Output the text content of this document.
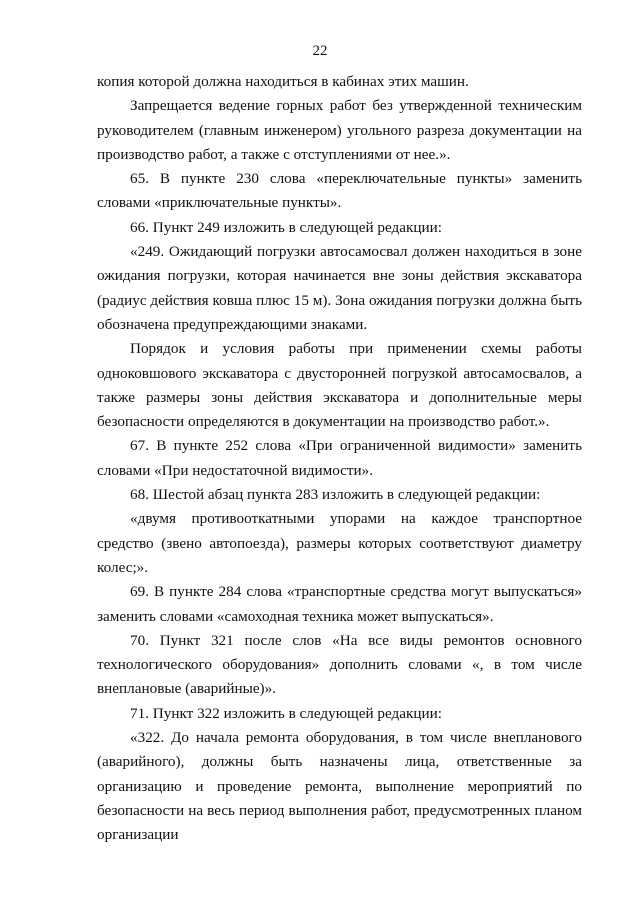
22

копия которой должна находиться в кабинах этих машин.

Запрещается ведение горных работ без утвержденной техническим руководителем (главным инженером) угольного разреза документации на производство работ, а также с отступлениями от нее.».

65. В пункте 230 слова «переключательные пункты» заменить словами «приключательные пункты».

66. Пункт 249 изложить в следующей редакции:

«249. Ожидающий погрузки автосамосвал должен находиться в зоне ожидания погрузки, которая начинается вне зоны действия экскаватора (радиус действия ковша плюс 15 м). Зона ожидания погрузки должна быть обозначена предупреждающими знаками.

Порядок и условия работы при применении схемы работы одноковшового экскаватора с двусторонней погрузкой автосамосвалов, а также размеры зоны действия экскаватора и дополнительные меры безопасности определяются в документации на производство работ.».

67. В пункте 252 слова «При ограниченной видимости» заменить словами «При недостаточной видимости».

68. Шестой абзац пункта 283 изложить в следующей редакции:

«двумя противооткатными упорами на каждое транспортное средство (звено автопоезда), размеры которых соответствуют диаметру колес;».

69. В пункте 284 слова «транспортные средства могут выпускаться» заменить словами «самоходная техника может выпускаться».

70. Пункт 321 после слов «На все виды ремонтов основного технологического оборудования» дополнить словами «, в том числе внеплановые (аварийные)».

71. Пункт 322 изложить в следующей редакции:

«322. До начала ремонта оборудования, в том числе внепланового (аварийного), должны быть назначены лица, ответственные за организацию и проведение ремонта, выполнение мероприятий по безопасности на весь период выполнения работ, предусмотренных планом организации
